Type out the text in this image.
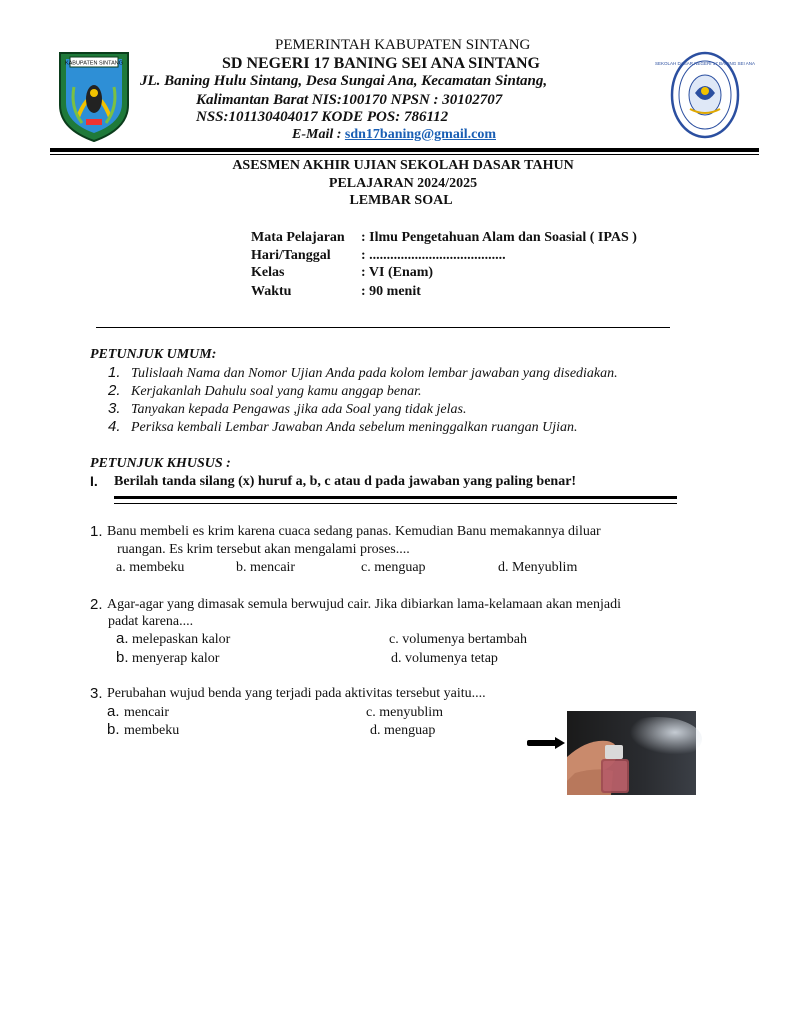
KABUPATEN SINTANG
PEMERINTAH KABUPATEN SINTANG
SD NEGERI 17 BANING SEI ANA SINTANG
JL. Baning Hulu Sintang, Desa Sungai Ana, Kecamatan Sintang,
Kalimantan Barat NIS:100170 NPSN : 30102707
NSS:101130404017 KODE POS: 786112
E-Mail : sdn17baning@gmail.com
SEKOLAH DASAR NEGERI 17 BANING SEI ANA
ASESMEN AKHIR UJIAN SEKOLAH DASAR TAHUN
PELAJARAN 2024/2025
LEMBAR SOAL
Mata Pelajaran : Ilmu Pengetahuan Alam dan Soasial ( IPAS )
Hari/Tanggal : .......................................
Kelas	: VI (Enam)
Waktu	: 90 menit
PETUNJUK UMUM:
1. Tulislaah Nama dan Nomor Ujian Anda pada kolom lembar jawaban yang disediakan.
2. Kerjakanlah Dahulu soal yang kamu anggap benar.
3. Tanyakan kepada Pengawas ,jika ada Soal yang tidak jelas.
4. Periksa kembali Lembar Jawaban Anda sebelum meninggalkan ruangan Ujian.
PETUNJUK KHUSUS :
I. Berilah tanda silang (x) huruf a, b, c atau d pada jawaban yang paling benar!
1. Banu membeli es krim karena cuaca sedang panas. Kemudian Banu memakannya diluar
ruangan. Es krim tersebut akan mengalami proses....
a. membeku	b. mencair	c. menguap	d. Menyublim
2. Agar-agar yang dimasak semula berwujud cair. Jika dibiarkan lama-kelamaan akan menjadi
padat karena....
a. melepaskan kalor
b. menyerap kalor
c. volumenya bertambah
d. volumenya tetap
3. Perubahan wujud benda yang terjadi pada aktivitas tersebut yaitu....
a. mencair
b. membeku
c. menyublim
d. menguap
